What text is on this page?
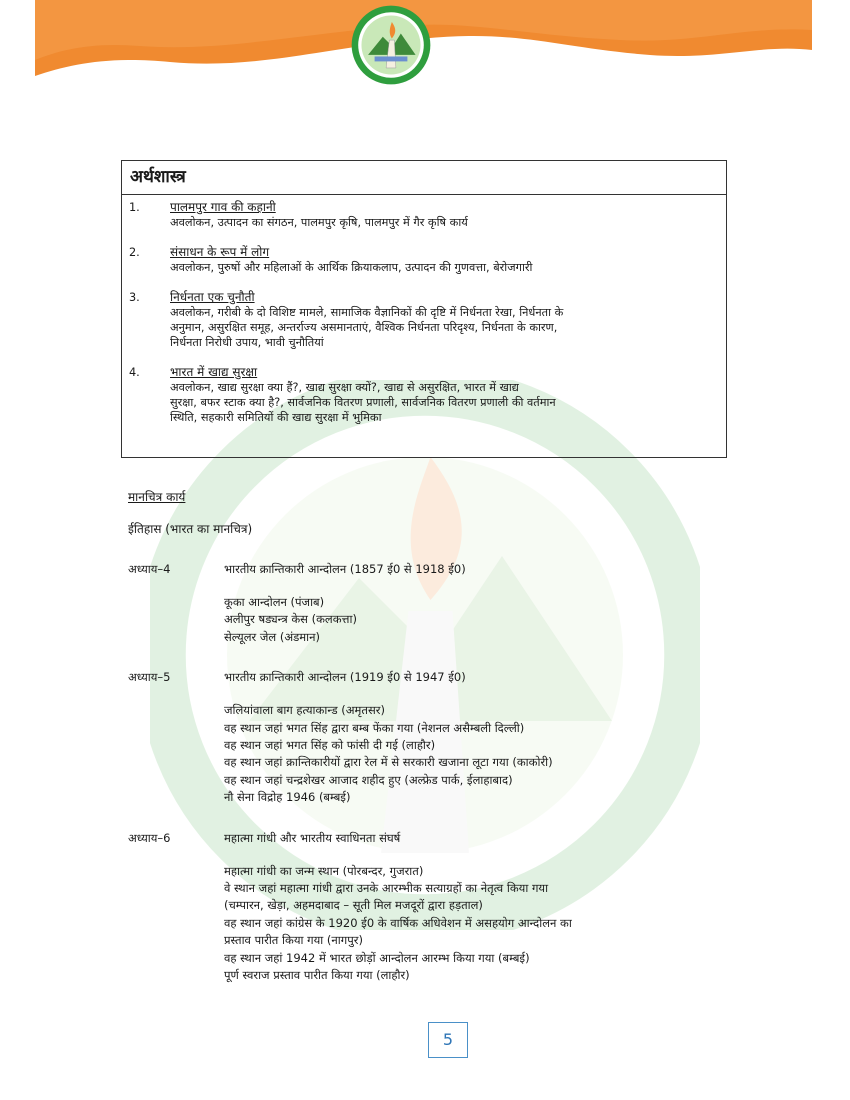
अर्थशास्त्र
1.	पालमपुर गाव की कहानी
अवलोकन, उत्पादन का संगठन, पालमपुर कृषि, पालमपुर में गैर कृषि कार्य
2.	संसाधन के रूप में लोग
अवलोकन, पुरुषों और महिलाओं के आर्थिक क्रियाकलाप, उत्पादन की गुणवत्ता, बेरोजगारी
3.	निर्धनता एक चुनौती
अवलोकन, गरीबी के दो विशिष्ट मामले, सामाजिक वैज्ञानिकों की दृष्टि में निर्धनता रेखा, निर्धनता के
अनुमान, असुरक्षित समूह, अन्तर्राज्य असमानताएं, वैश्विक निर्धनता परिदृश्य, निर्धनता के कारण,
निर्धनता निरोधी उपाय, भावी चुनौतियां
4.	भारत में खाद्य सुरक्षा
अवलोकन, खाद्य सुरक्षा क्या हैं?, खाद्य सुरक्षा क्यों?, खाद्य से असुरक्षित, भारत में खाद्य
सुरक्षा, बफर स्टाक क्या है?, सार्वजनिक वितरण प्रणाली, सार्वजनिक वितरण प्रणाली की वर्तमान
स्थिति, सहकारी समितियों की खाद्य सुरक्षा में भुमिका
मानचित्र कार्य
ईतिहास (भारत का मानचित्र)
अध्याय–4	भारतीय क्रान्तिकारी आन्दोलन (1857 ई0 से 1918 ई0)
कूका आन्दोलन (पंजाब)
अलीपुर षड्यन्त्र केस (कलकत्ता)
सेल्यूलर जेल (अंडमान)
अध्याय–5	भारतीय क्रान्तिकारी आन्दोलन (1919 ई0 से 1947 ई0)
जलियांवाला बाग हत्याकान्ड (अमृतसर)
वह स्थान जहां भगत सिंह द्वारा बम्ब फेंका गया (नेशनल असैम्बली दिल्ली)
वह स्थान जहां भगत सिंह को फांसी दी गई (लाहौर)
वह स्थान जहां क्रान्तिकारीयों द्वारा रेल में से सरकारी खजाना लूटा गया (काकोरी)
वह स्थान जहां चन्द्रशेखर आजाद शहीद हुए (अल्फ्रेड पार्क, ईलाहाबाद)
नौ सेना विद्रोह 1946 (बम्बई)
अध्याय–6	महात्मा गांधी और भारतीय स्वाधिनता संघर्ष
महात्मा गांधी का जन्म स्थान (पोरबन्दर, गुजरात)
वे स्थान जहां महात्मा गांधी द्वारा उनके आरम्भीक सत्याग्रहों का नेतृत्व किया गया
(चम्पारन, खेड़ा, अहमदाबाद – सूती मिल मजदूरों द्वारा हड़ताल)
वह स्थान जहां कांग्रेस के 1920 ई0 के वार्षिक अधिवेशन में असहयोग आन्दोलन का
प्रस्ताव पारीत किया गया (नागपुर)
वह स्थान जहां 1942 में भारत छोड़ों आन्दोलन आरम्भ किया गया (बम्बई)
पूर्ण स्वराज प्रस्ताव पारीत किया गया (लाहौर)
5
